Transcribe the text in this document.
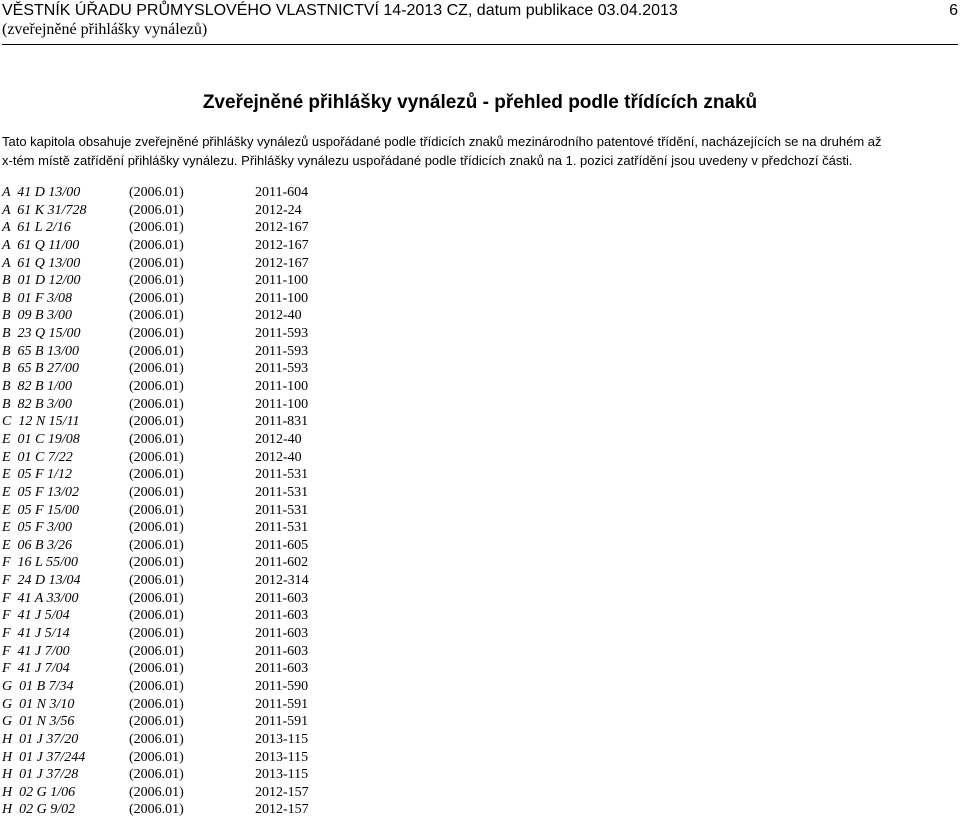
VĚSTNÍK ÚŘADU PRŮMYSLOVÉHO VLASTNICTVÍ 14-2013 CZ, datum publikace 03.04.2013	6
(zveřejněné přihlášky vynálezů)
Zveřejněné přihlášky vynálezů - přehled podle třídících znaků

Tato kapitola obsahuje zveřejněné přihlášky vynálezů uspořádané podle třídicích znaků mezinárodního patentové třídění, nacházejících se na druhém až

x-tém místě zatřídění přihlášky vynálezu. Přihlášky vynálezu uspořádané podle třídicích znaků na 1. pozici zatřídění jsou uvedeny v předchozí části.

A  41 D 13/00	(2006.01)	2011-604
A  61 K 31/728	(2006.01)	2012-24
A  61 L 2/16	(2006.01)	2012-167
A  61 Q 11/00	(2006.01)	2012-167
A  61 Q 13/00	(2006.01)	2012-167
B  01 D 12/00	(2006.01)	2011-100
B  01 F 3/08	(2006.01)	2011-100
B  09 B 3/00	(2006.01)	2012-40
B  23 Q 15/00	(2006.01)	2011-593
B  65 B 13/00	(2006.01)	2011-593
B  65 B 27/00	(2006.01)	2011-593
B  82 B 1/00	(2006.01)	2011-100
B  82 B 3/00	(2006.01)	2011-100
C  12 N 15/11	(2006.01)	2011-831
E  01 C 19/08	(2006.01)	2012-40
E  01 C 7/22	(2006.01)	2012-40
E  05 F 1/12	(2006.01)	2011-531
E  05 F 13/02	(2006.01)	2011-531
E  05 F 15/00	(2006.01)	2011-531
E  05 F 3/00	(2006.01)	2011-531
E  06 B 3/26	(2006.01)	2011-605
F  16 L 55/00	(2006.01)	2011-602
F  24 D 13/04	(2006.01)	2012-314
F  41 A 33/00	(2006.01)	2011-603
F  41 J 5/04	(2006.01)	2011-603
F  41 J 5/14	(2006.01)	2011-603
F  41 J 7/00	(2006.01)	2011-603
F  41 J 7/04	(2006.01)	2011-603
G  01 B 7/34	(2006.01)	2011-590
G  01 N 3/10	(2006.01)	2011-591
G  01 N 3/56	(2006.01)	2011-591
H  01 J 37/20	(2006.01)	2013-115
H  01 J 37/244	(2006.01)	2013-115
H  01 J 37/28	(2006.01)	2013-115
H  02 G 1/06	(2006.01)	2012-157
H  02 G 9/02	(2006.01)	2012-157
